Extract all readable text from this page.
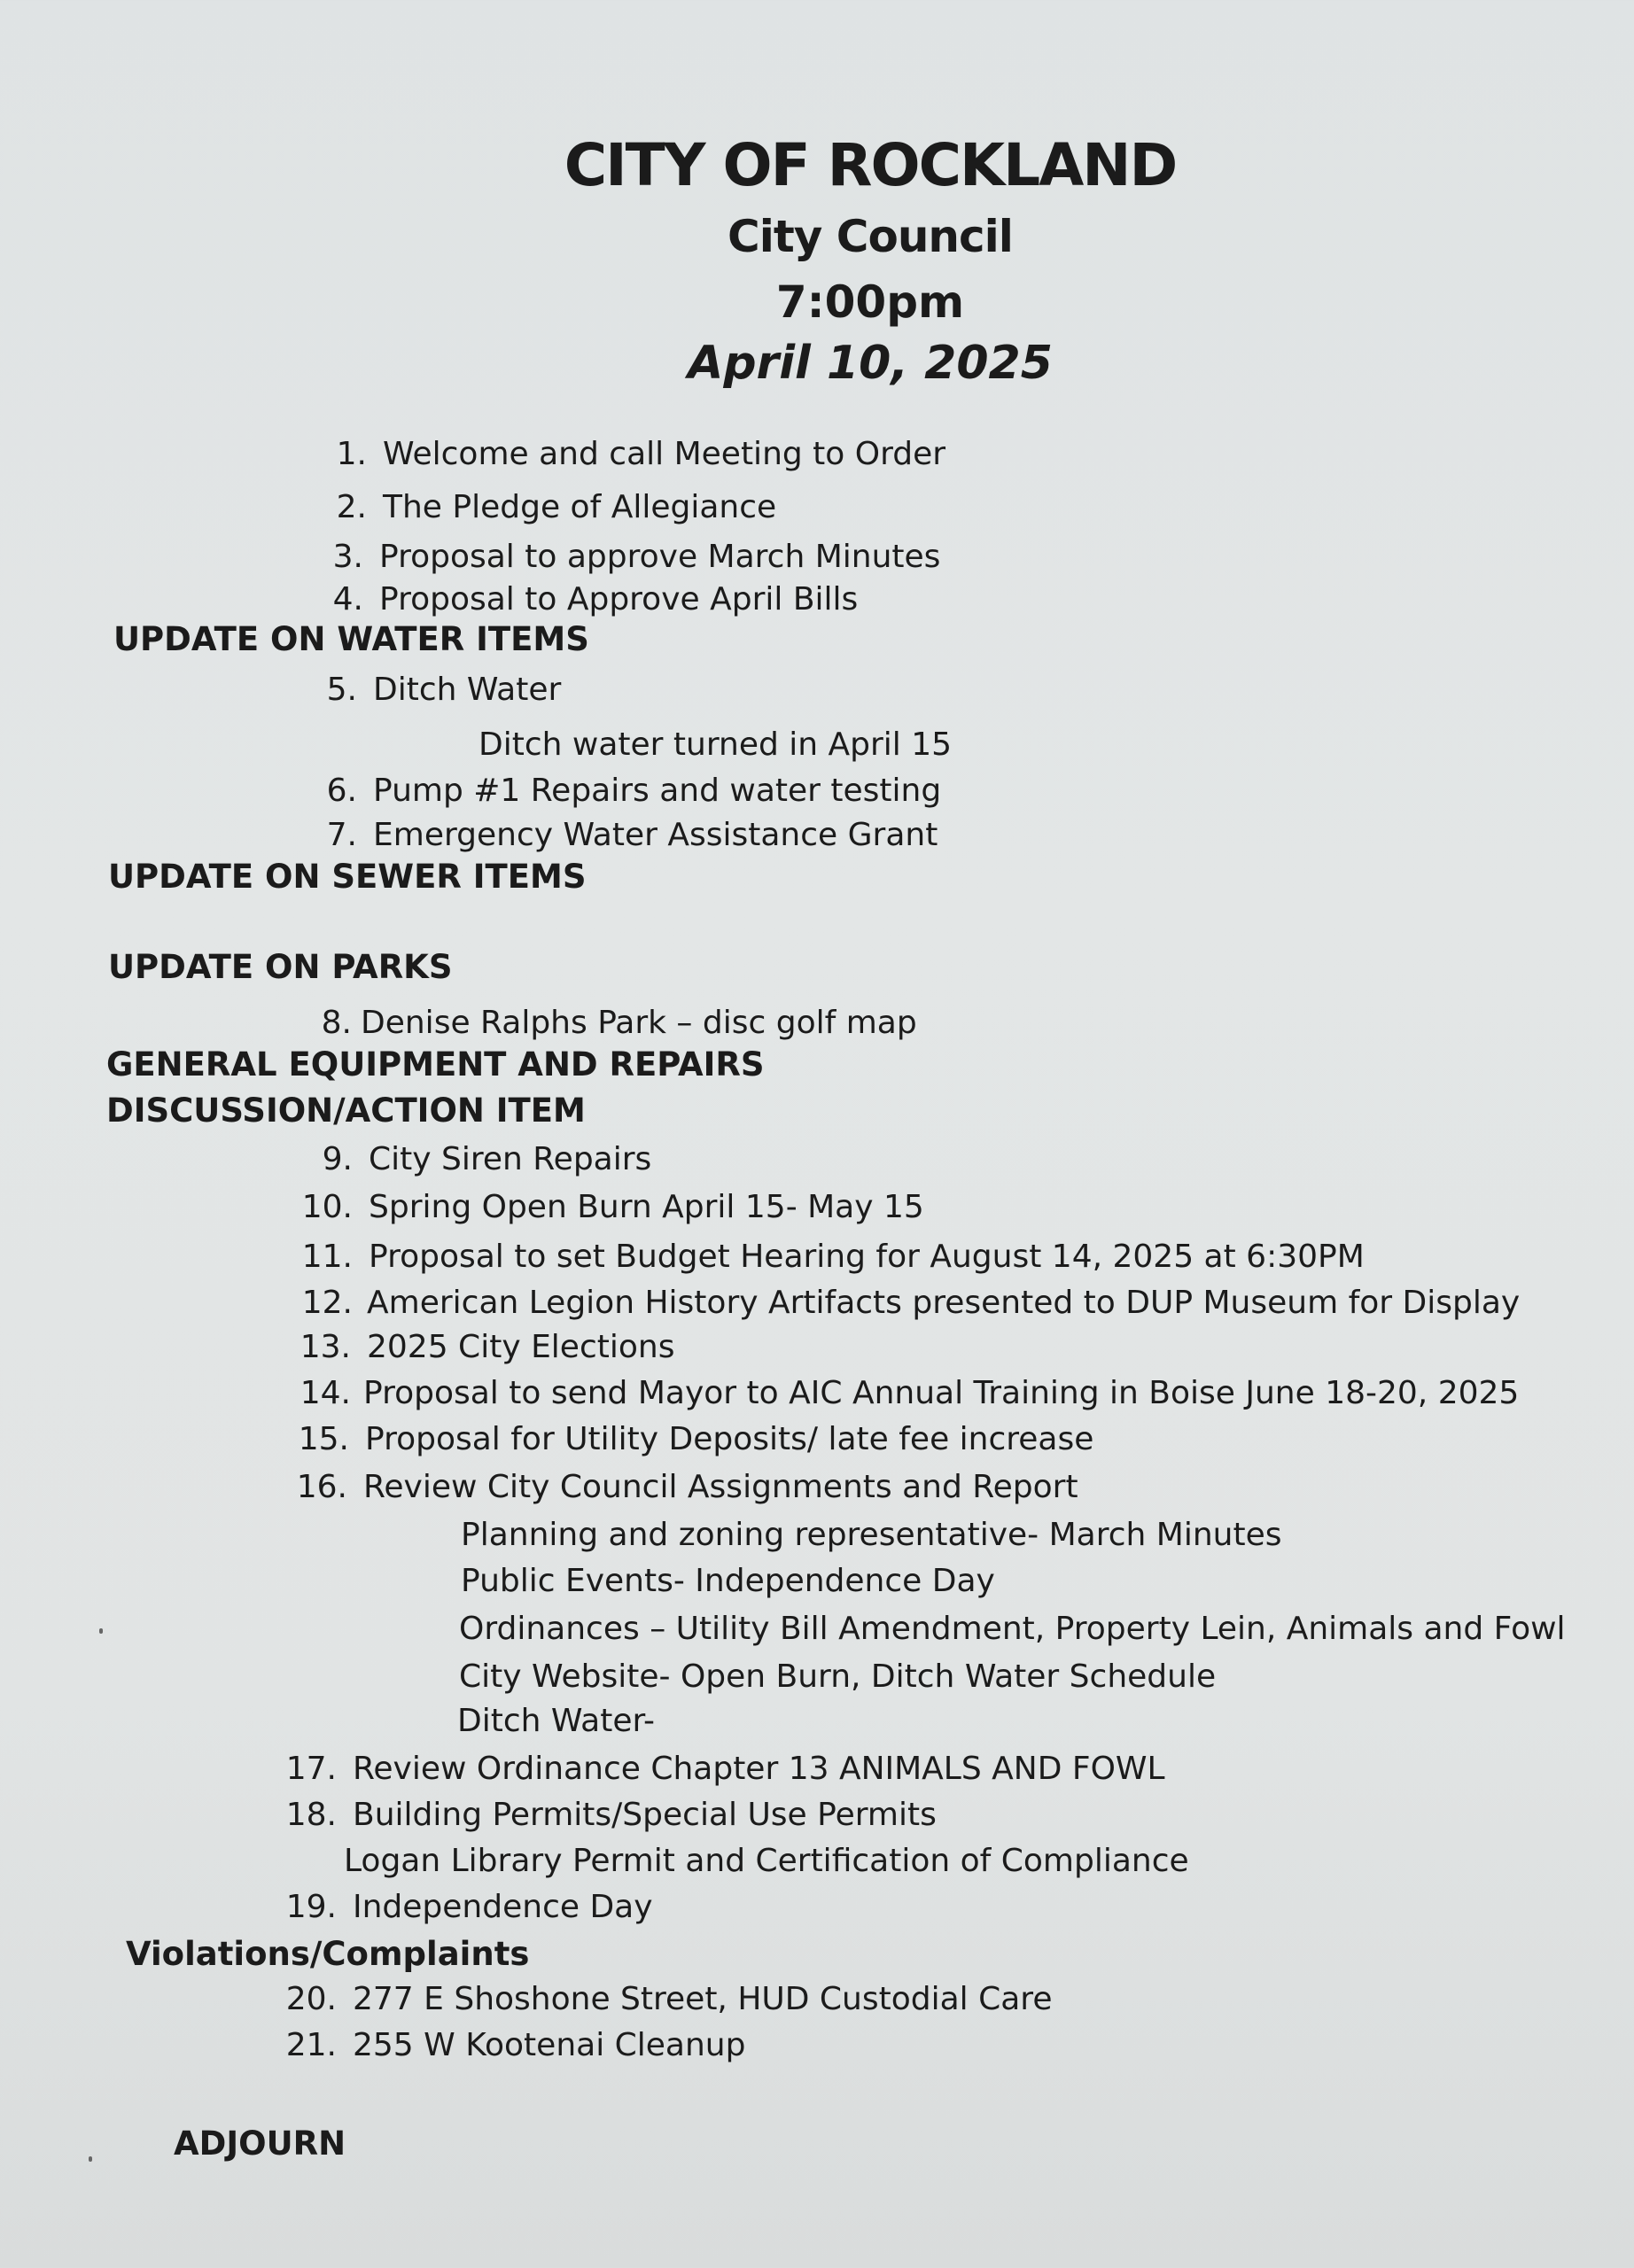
CITY OF ROCKLAND
City Council
7:00pm
April 10, 2025
1. Welcome and call Meeting to Order
2. The Pledge of Allegiance
3. Proposal to approve March Minutes
4. Proposal to Approve April Bills
UPDATE ON WATER ITEMS
5. Ditch Water
Ditch water turned in April 15
6. Pump #1 Repairs and water testing
7. Emergency Water Assistance Grant
UPDATE ON SEWER ITEMS
UPDATE ON PARKS
8. Denise Ralphs Park – disc golf map
GENERAL EQUIPMENT AND REPAIRS
DISCUSSION/ACTION ITEM
9. City Siren Repairs
10. Spring Open Burn April 15- May 15
11. Proposal to set Budget Hearing for August 14, 2025 at 6:30PM
12. American Legion History Artifacts presented to DUP Museum for Display
13. 2025 City Elections
14. Proposal to send Mayor to AIC Annual Training in Boise June 18-20, 2025
15. Proposal for Utility Deposits/ late fee increase
16. Review City Council Assignments and Report
Planning and zoning representative- March Minutes
Public Events- Independence Day
Ordinances – Utility Bill Amendment, Property Lein, Animals and Fowl
City Website- Open Burn, Ditch Water Schedule
Ditch Water-
17. Review Ordinance Chapter 13 ANIMALS AND FOWL
18. Building Permits/Special Use Permits
Logan Library Permit and Certification of Compliance
19. Independence Day
Violations/Complaints
20. 277 E Shoshone Street, HUD Custodial Care
21. 255 W Kootenai Cleanup
ADJOURN
